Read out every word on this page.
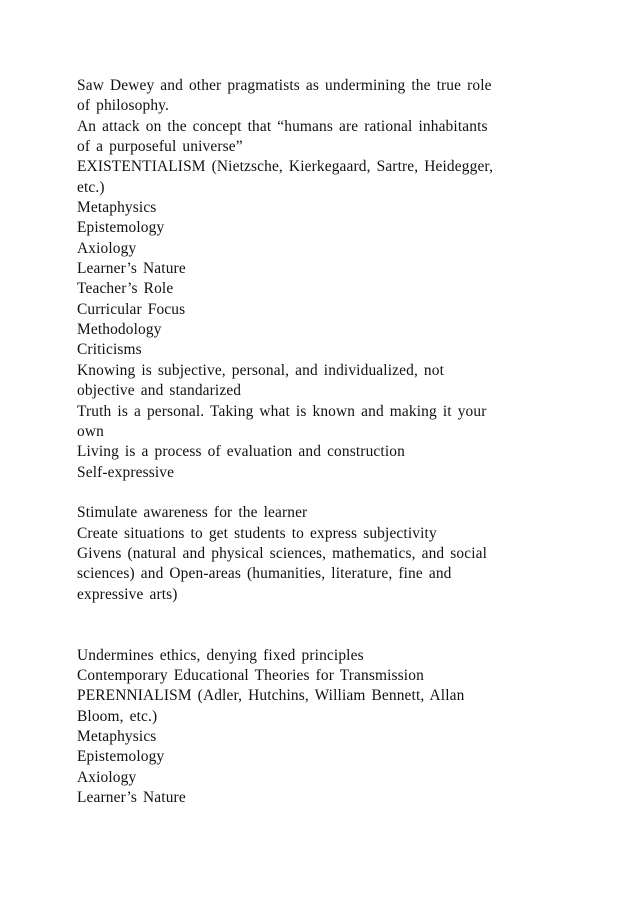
Saw Dewey and other pragmatists as undermining the true role
of philosophy.
An attack on the concept that “humans are rational inhabitants
of a purposeful universe”
EXISTENTIALISM (Nietzsche, Kierkegaard, Sartre, Heidegger,
etc.)
Metaphysics
Epistemology
Axiology
Learner’s Nature
Teacher’s Role
Curricular Focus
Methodology
Criticisms
Knowing is subjective, personal, and individualized, not
objective and standarized
Truth is a personal. Taking what is known and making it your
own
Living is a process of evaluation and construction
Self-expressive
Stimulate awareness for the learner
Create situations to get students to express subjectivity
Givens (natural and physical sciences, mathematics, and social
sciences) and Open-areas (humanities, literature, fine and
expressive arts)
Undermines ethics, denying fixed principles
Contemporary Educational Theories for Transmission
PERENNIALISM (Adler, Hutchins, William Bennett, Allan
Bloom, etc.)
Metaphysics
Epistemology
Axiology
Learner’s Nature
